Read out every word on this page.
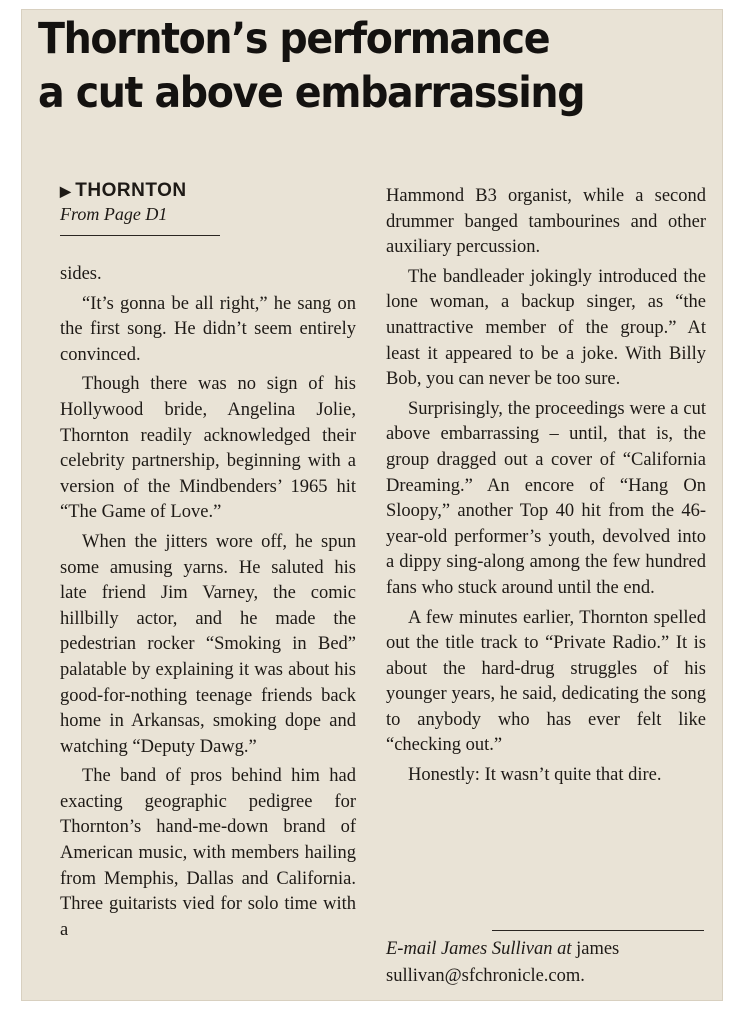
Thornton’s performance
a cut above embarrassing
▶ THORNTON
From Page D1

sides.

“It’s gonna be all right,” he sang on the first song. He didn’t seem entirely convinced.

Though there was no sign of his Hollywood bride, Angelina Jolie, Thornton readily acknowledged their celebrity partnership, beginning with a version of the Mindbenders’ 1965 hit “The Game of Love.”

When the jitters wore off, he spun some amusing yarns. He saluted his late friend Jim Varney, the comic hillbilly actor, and he made the pedestrian rocker “Smoking in Bed” palatable by explaining it was about his good-for-nothing teenage friends back home in Arkansas, smoking dope and watching “Deputy Dawg.”

The band of pros behind him had exacting geographic pedigree for Thornton’s hand-me-down brand of American music, with members hailing from Memphis, Dallas and California. Three guitarists vied for solo time with a

Hammond B3 organist, while a second drummer banged tambourines and other auxiliary percussion.

The bandleader jokingly introduced the lone woman, a backup singer, as “the unattractive member of the group.” At least it appeared to be a joke. With Billy Bob, you can never be too sure.

Surprisingly, the proceedings were a cut above embarrassing – until, that is, the group dragged out a cover of “California Dreaming.” An encore of “Hang On Sloopy,” another Top 40 hit from the 46-year-old performer’s youth, devolved into a dippy sing-along among the few hundred fans who stuck around until the end.

A few minutes earlier, Thornton spelled out the title track to “Private Radio.” It is about the hard-drug struggles of his younger years, he said, dedicating the song to anybody who has ever felt like “checking out.”

Honestly: It wasn’t quite that dire.

E-mail James Sullivan at james sullivan@sfchronicle.com.
